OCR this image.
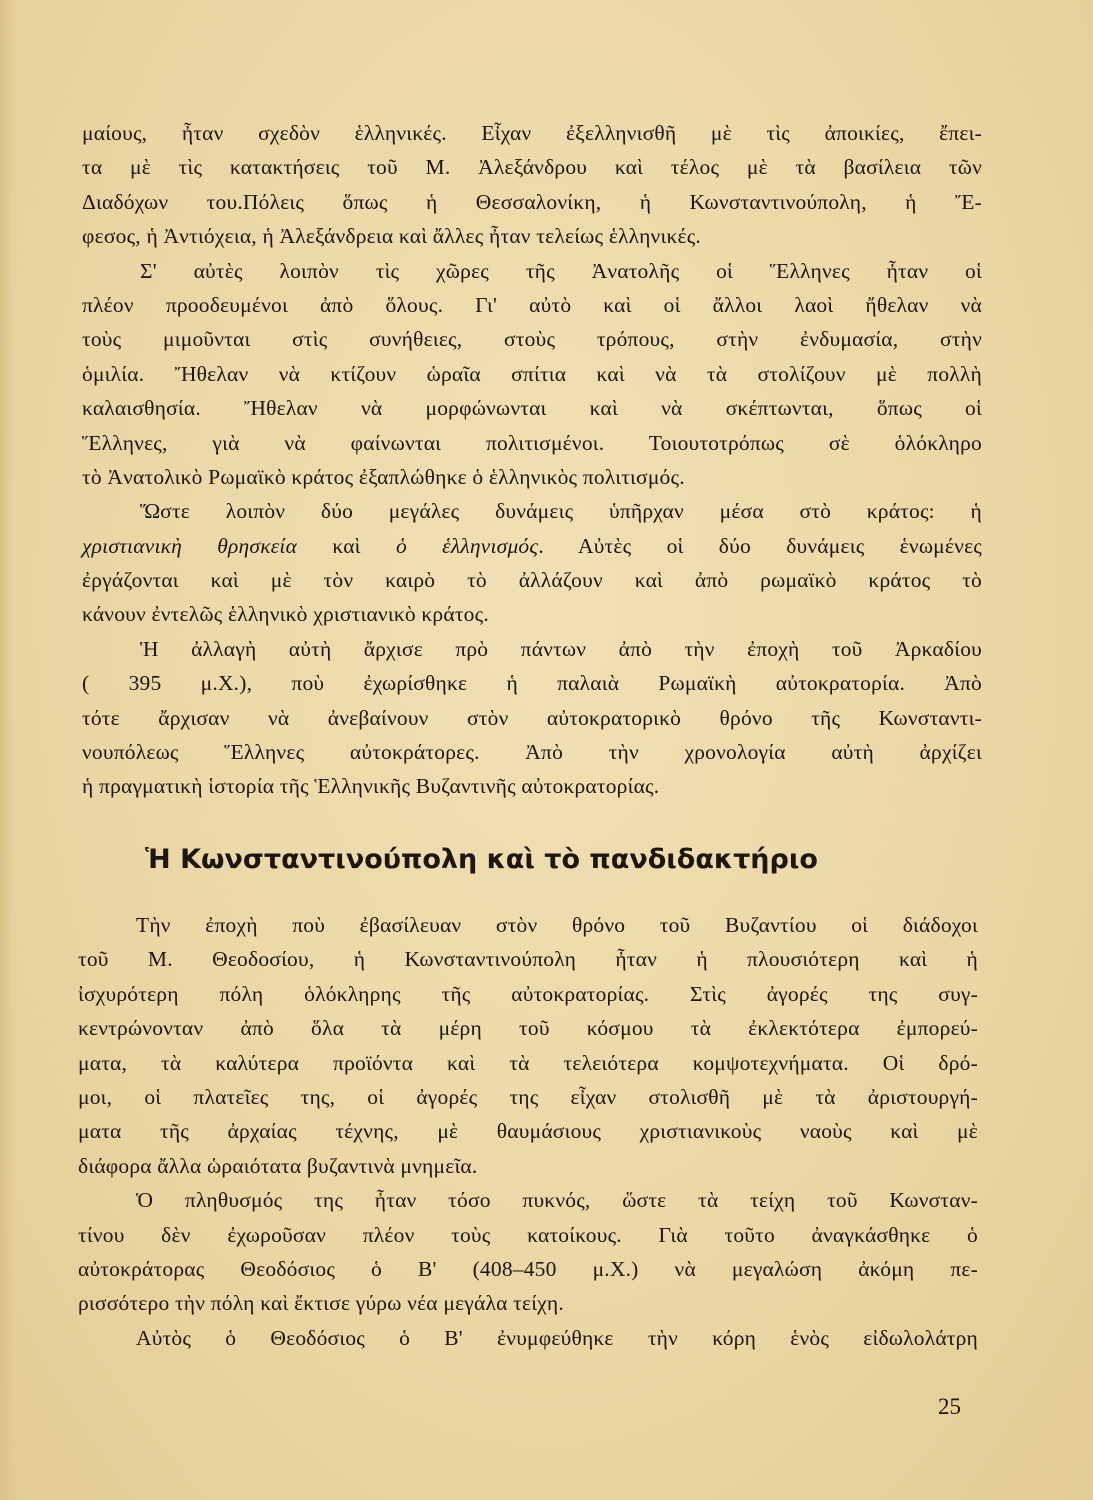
μαίους, ἦταν σχεδὸν ἑλληνικές. Εἶχαν ἐξελληνισθῆ μὲ τὶς ἀποικίες, ἔπει-
τα μὲ τὶς κατακτήσεις τοῦ Μ. Ἀλεξάνδρου καὶ τέλος μὲ τὰ βασίλεια τῶν
Διαδόχων του.Πόλεις ὅπως ἡ Θεσσαλονίκη, ἡ Κωνσταντινούπολη, ἡ Ἔ-
φεσος, ἡ Ἀντιόχεια, ἡ Ἀλεξάνδρεια καὶ ἄλλες ἦταν τελείως ἑλληνικές.
Σ' αὐτὲς λοιπὸν τὶς χῶρες τῆς Ἀνατολῆς οἱ Ἕλληνες ἦταν οἱ
πλέον προοδευμένοι ἀπὸ ὅλους. Γι' αὐτὸ καὶ οἱ ἄλλοι λαοὶ ἤθελαν νὰ
τοὺς μιμοῦνται στὶς συνήθειες, στοὺς τρόπους, στὴν ἐνδυμασία, στὴν
ὁμιλία. Ἤθελαν νὰ κτίζουν ὡραῖα σπίτια καὶ νὰ τὰ στολίζουν μὲ πολλὴ
καλαισθησία. Ἤθελαν νὰ μορφώνωνται καὶ νὰ σκέπτωνται, ὅπως οἱ
Ἕλληνες, γιὰ νὰ φαίνωνται πολιτισμένοι. Τοιουτοτρόπως σὲ ὁλόκληρο
τὸ Ἀνατολικὸ Ρωμαϊκὸ κράτος ἐξαπλώθηκε ὁ ἑλληνικὸς πολιτισμός.
Ὥστε λοιπὸν δύο μεγάλες δυνάμεις ὑπῆρχαν μέσα στὸ κράτος: ἡ
χριστιανικὴ θρησκεία καὶ ὁ ἑλληνισμός. Αὐτὲς οἱ δύο δυνάμεις ἑνωμένες
ἐργάζονται καὶ μὲ τὸν καιρὸ τὸ ἀλλάζουν καὶ ἀπὸ ρωμαϊκὸ κράτος τὸ
κάνουν ἐντελῶς ἑλληνικὸ χριστιανικὸ κράτος.
Ἡ ἀλλαγὴ αὐτὴ ἄρχισε πρὸ πάντων ἀπὸ τὴν ἐποχὴ τοῦ Ἀρκαδίου
( 395 μ.Χ.), ποὺ ἐχωρίσθηκε ἡ παλαιὰ Ρωμαϊκὴ αὐτοκρατορία. Ἀπὸ
τότε ἄρχισαν νὰ ἀνεβαίνουν στὸν αὐτοκρατορικὸ θρόνο τῆς Κωνσταντι-
νουπόλεως Ἕλληνες αὐτοκράτορες. Ἀπὸ τὴν χρονολογία αὐτὴ ἀρχίζει
ἡ πραγματικὴ ἱστορία τῆς Ἑλληνικῆς Βυζαντινῆς αὐτοκρατορίας.
Ἡ Κωνσταντινούπολη καὶ τὸ πανδιδακτήριο
Τὴν ἐποχὴ ποὺ ἐβασίλευαν στὸν θρόνο τοῦ Βυζαντίου οἱ διάδοχοι
τοῦ Μ. Θεοδοσίου, ἡ Κωνσταντινούπολη ἦταν ἡ πλουσιότερη καὶ ἡ
ἰσχυρότερη πόλη ὁλόκληρης τῆς αὐτοκρατορίας. Στὶς ἀγορές της συγ-
κεντρώνονταν ἀπὸ ὅλα τὰ μέρη τοῦ κόσμου τὰ ἐκλεκτότερα ἐμπορεύ-
ματα, τὰ καλύτερα προϊόντα καὶ τὰ τελειότερα κομψοτεχνήματα. Οἱ δρό-
μοι, οἱ πλατεῖες της, οἱ ἀγορές της εἶχαν στολισθῆ μὲ τὰ ἀριστουργή-
ματα τῆς ἀρχαίας τέχνης, μὲ θαυμάσιους χριστιανικοὺς ναοὺς καὶ μὲ
διάφορα ἄλλα ὡραιότατα βυζαντινὰ μνημεῖα.
Ὁ πληθυσμός της ἦταν τόσο πυκνός, ὥστε τὰ τείχη τοῦ Κωνσταν-
τίνου δὲν ἐχωροῦσαν πλέον τοὺς κατοίκους. Γιὰ τοῦτο ἀναγκάσθηκε ὁ
αὐτοκράτορας Θεοδόσιος ὁ Β' (408–450 μ.Χ.) νὰ μεγαλώση ἀκόμη πε-
ρισσότερο τὴν πόλη καὶ ἔκτισε γύρω νέα μεγάλα τείχη.
Αὐτὸς ὁ Θεοδόσιος ὁ Β' ἐνυμφεύθηκε τὴν κόρη ἑνὸς εἰδωλολάτρη
25
